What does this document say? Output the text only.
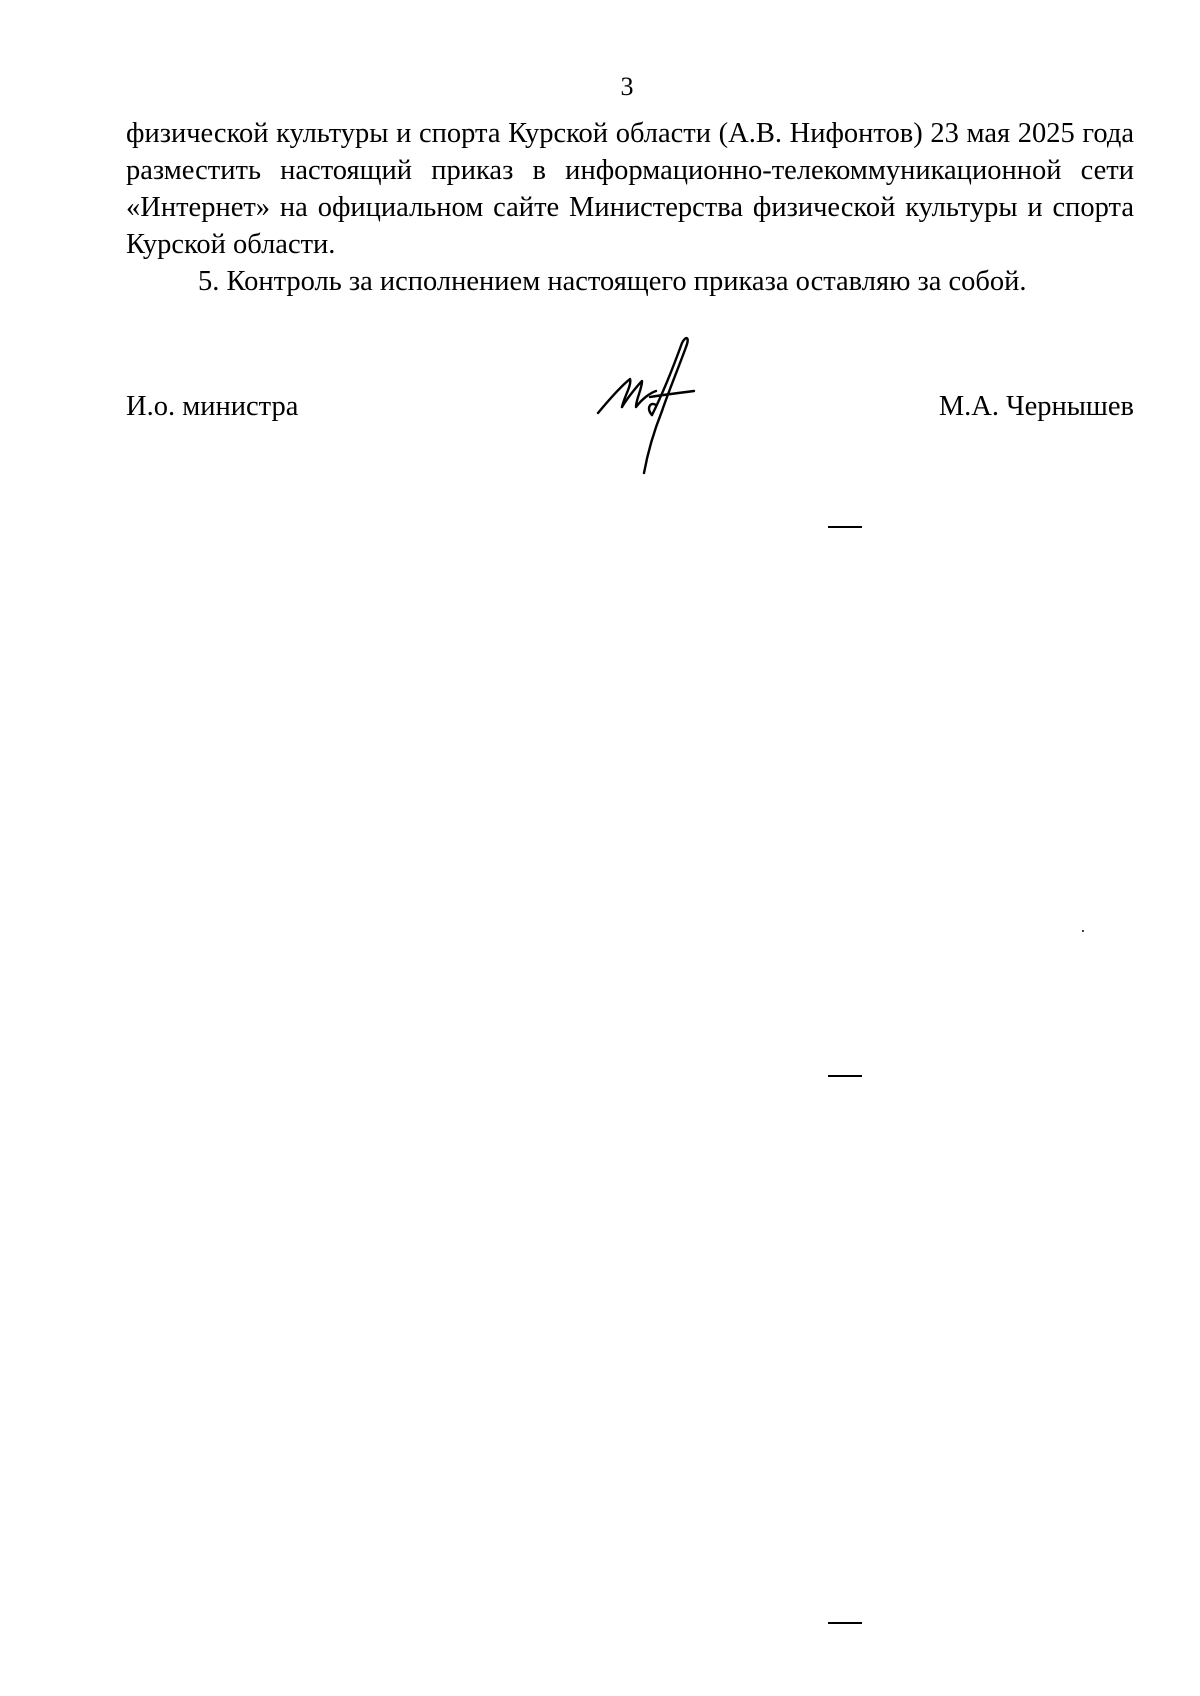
3

физической культуры и спорта Курской области (А.В. Нифонтов) 23 мая 2025 года разместить настоящий приказ в информационно-телекоммуникационной сети «Интернет» на официальном сайте Министерства физической культуры и спорта Курской области.

5. Контроль за исполнением настоящего приказа оставляю за собой.

И.о. министра	М.А. Чернышев
